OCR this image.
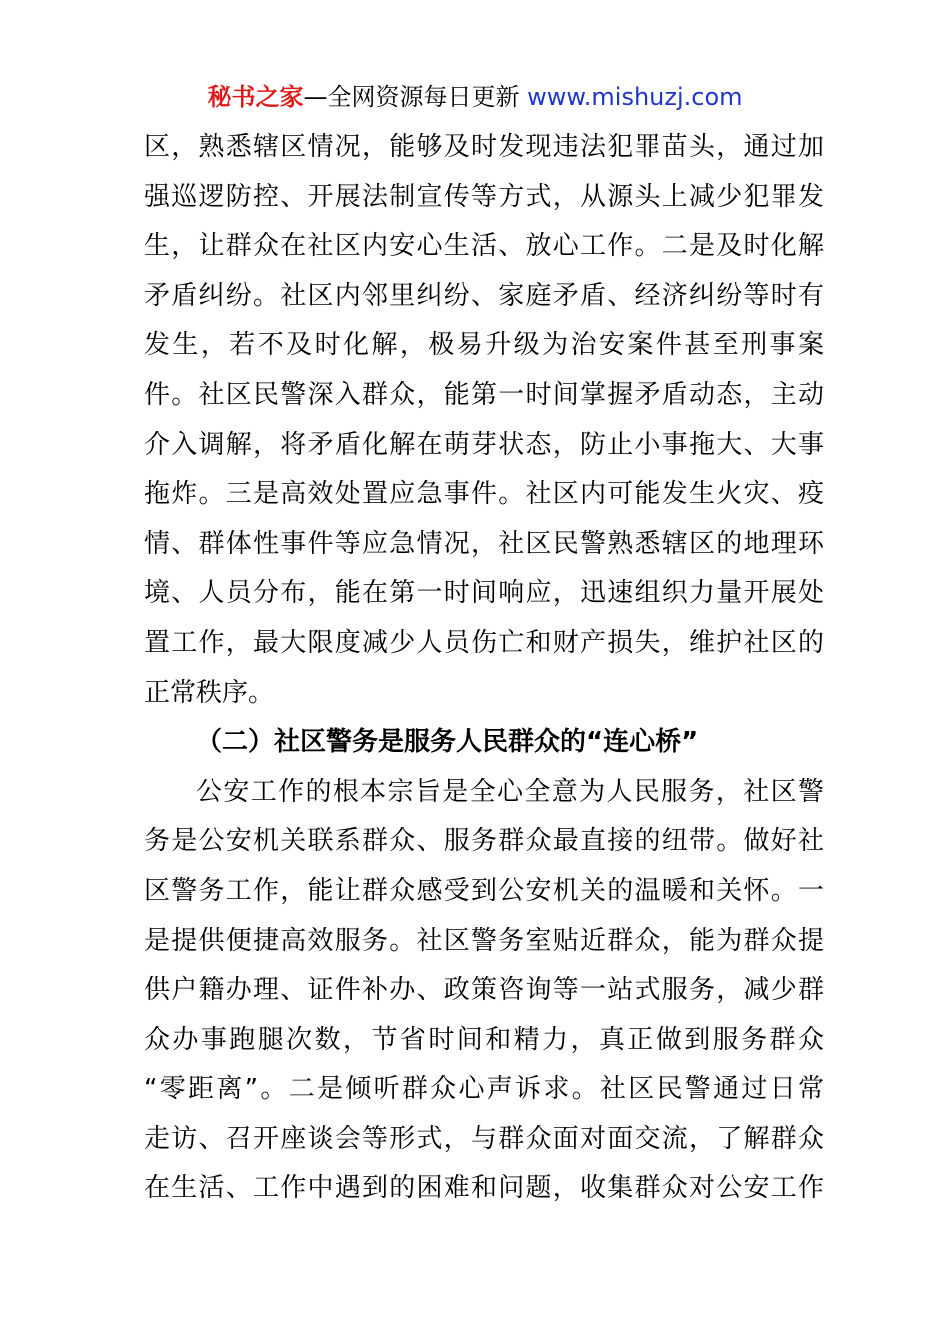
秘书之家—全网资源每日更新 www.mishuzj.com
区，熟悉辖区情况，能够及时发现违法犯罪苗头，通过加
强巡逻防控、开展法制宣传等方式，从源头上减少犯罪发
生，让群众在社区内安心生活、放心工作。二是及时化解
矛盾纠纷。社区内邻里纠纷、家庭矛盾、经济纠纷等时有
发生，若不及时化解，极易升级为治安案件甚至刑事案
件。社区民警深入群众，能第一时间掌握矛盾动态，主动
介入调解，将矛盾化解在萌芽状态，防止小事拖大、大事
拖炸。三是高效处置应急事件。社区内可能发生火灾、疫
情、群体性事件等应急情况，社区民警熟悉辖区的地理环
境、人员分布，能在第一时间响应，迅速组织力量开展处
置工作，最大限度减少人员伤亡和财产损失，维护社区的
正常秩序。
（二）社区警务是服务人民群众的“连心桥”
公安工作的根本宗旨是全心全意为人民服务，社区警
务是公安机关联系群众、服务群众最直接的纽带。做好社
区警务工作，能让群众感受到公安机关的温暖和关怀。一
是提供便捷高效服务。社区警务室贴近群众，能为群众提
供户籍办理、证件补办、政策咨询等一站式服务，减少群
众办事跑腿次数，节省时间和精力，真正做到服务群众
“零距离”。二是倾听群众心声诉求。社区民警通过日常
走访、召开座谈会等形式，与群众面对面交流，了解群众
在生活、工作中遇到的困难和问题，收集群众对公安工作
